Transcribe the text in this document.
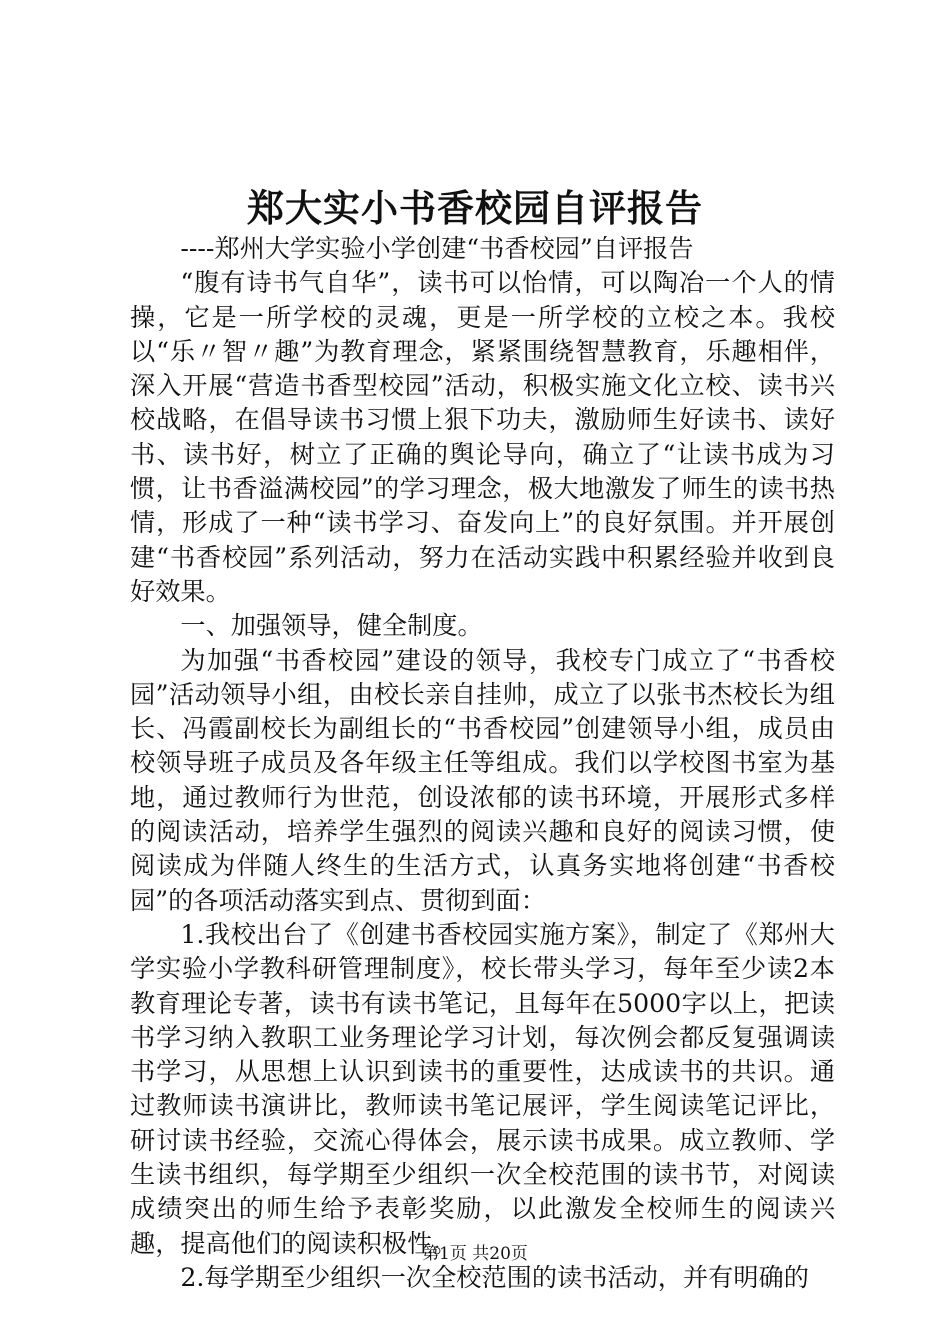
郑大实小书香校园自评报告

----郑州大学实验小学创建“书香校园”自评报告

“腹有诗书气自华”，读书可以怡情，可以陶冶一个人的情操，它是一所学校的灵魂，更是一所学校的立校之本。我校以“乐〃智〃趣”为教育理念，紧紧围绕智慧教育，乐趣相伴，深入开展“营造书香型校园”活动，积极实施文化立校、读书兴校战略，在倡导读书习惯上狠下功夫，激励师生好读书、读好书、读书好，树立了正确的舆论导向，确立了“让读书成为习惯，让书香溢满校园”的学习理念，极大地激发了师生的读书热情，形成了一种“读书学习、奋发向上”的良好氛围。并开展创建“书香校园”系列活动，努力在活动实践中积累经验并收到良好效果。

一、加强领导，健全制度。

为加强“书香校园”建设的领导，我校专门成立了“书香校园”活动领导小组，由校长亲自挂帅，成立了以张书杰校长为组长、冯霞副校长为副组长的“书香校园”创建领导小组，成员由校领导班子成员及各年级主任等组成。我们以学校图书室为基地，通过教师行为世范，创设浓郁的读书环境，开展形式多样的阅读活动，培养学生强烈的阅读兴趣和良好的阅读习惯，使阅读成为伴随人终生的生活方式，认真务实地将创建“书香校园”的各项活动落实到点、贯彻到面：

1.我校出台了《创建书香校园实施方案》，制定了《郑州大学实验小学教科研管理制度》，校长带头学习，每年至少读2本教育理论专著，读书有读书笔记，且每年在5000字以上，把读书学习纳入教职工业务理论学习计划，每次例会都反复强调读书学习，从思想上认识到读书的重要性，达成读书的共识。通过教师读书演讲比，教师读书笔记展评，学生阅读笔记评比，研讨读书经验，交流心得体会，展示读书成果。成立教师、学生读书组织，每学期至少组织一次全校范围的读书节，对阅读成绩突出的师生给予表彰奖励，以此激发全校师生的阅读兴趣，提高他们的阅读积极性。

2.每学期至少组织一次全校范围的读书活动，并有明确的

第1页 共20页
